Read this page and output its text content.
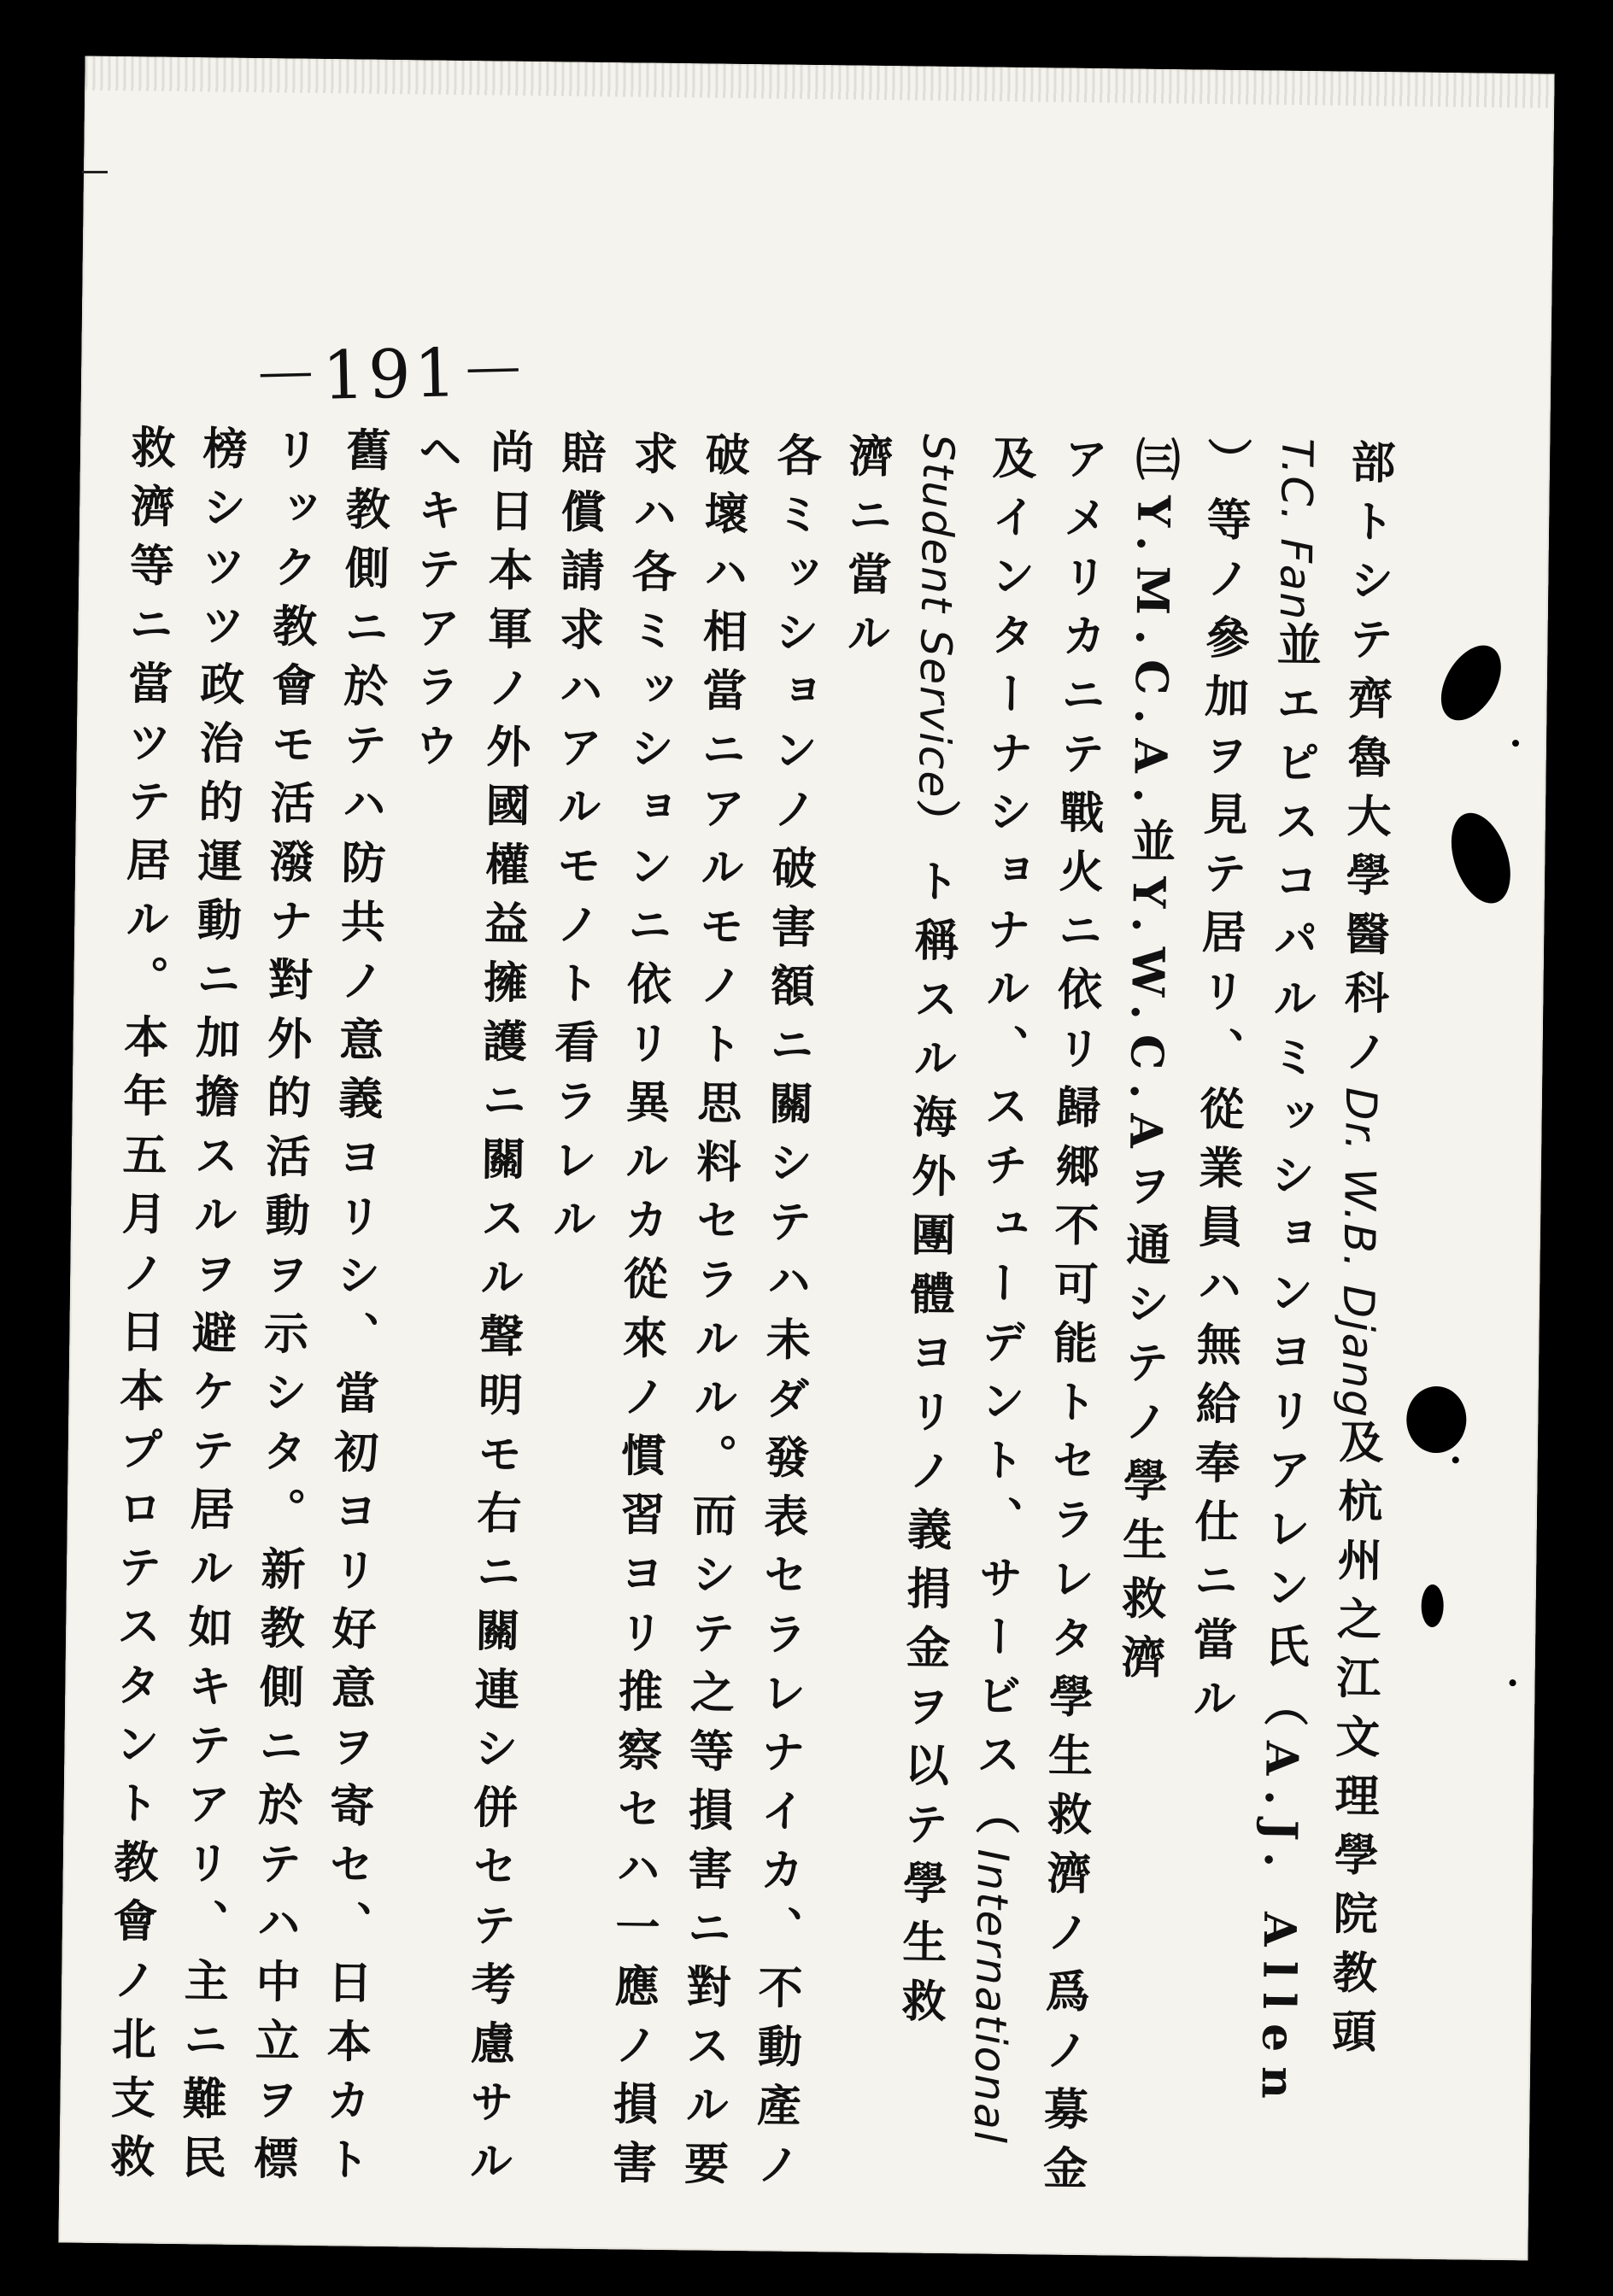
－191－
部トシテ齊魯大學醫科ノDr. W.B. Djang及杭州之江文理學院教頭
T.C. Fan並エピスコパルミッションヨリアレン氏（A.J. Allen
）等ノ參加ヲ見テ居リ、從業員ハ無給奉仕ニ當ル
㈢Y.M.C.A.並Y.W.C.Aヲ通シテノ學生救濟
アメリカニテ戰火ニ依リ歸郷不可能トセラレタ學生救濟ノ爲ノ募金
及インターナショナル、スチューデント、サービス（International
Student Service）ト稱スル海外團體ヨリノ義捐金ヲ以テ學生救
濟ニ當ル
各ミッションノ破害額ニ關シテハ未ダ發表セラレナイカ、不動產ノ
破壞ハ相當ニアルモノト思料セラルル。而シテ之等損害ニ對スル要
求ハ各ミッションニ依リ異ルカ從來ノ慣習ヨリ推察セハ一應ノ損害
賠償請求ハアルモノト看ラレル
尚日本軍ノ外國權益擁護ニ關スル聲明モ右ニ關連シ併セテ考慮サル
ヘキテアラウ
舊教側ニ於テハ防共ノ意義ヨリシ、當初ヨリ好意ヲ寄セ、日本カト
リック教會モ活潑ナ對外的活動ヲ示シタ。新教側ニ於テハ中立ヲ標
榜シツツ政治的運動ニ加擔スルヲ避ケテ居ル如キテアリ、主ニ難民
救濟等ニ當ツテ居ル。本年五月ノ日本プロテスタント教會ノ北支救
